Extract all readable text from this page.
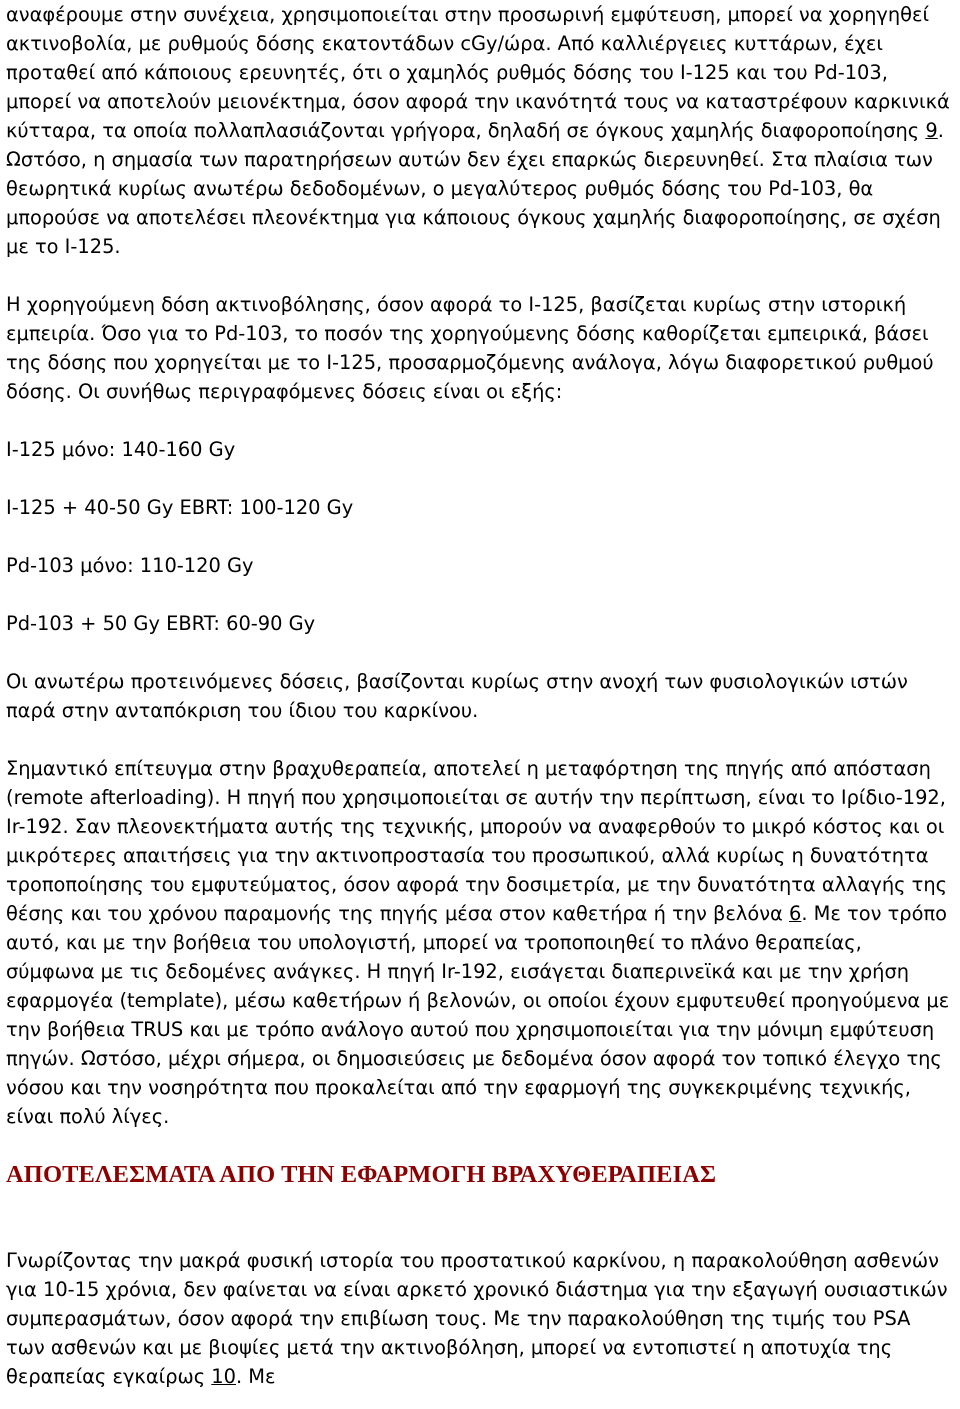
αναφέρουμε στην συνέχεια, χρησιμοποιείται στην προσωρινή εμφύτευση, μπορεί να χορηγηθεί ακτινοβολία, με ρυθμούς δόσης εκατοντάδων cGy/ώρα. Από καλλιέργειες κυττάρων, έχει προταθεί από κάποιους ερευνητές, ότι ο χαμηλός ρυθμός δόσης του I-125 και του Pd-103, μπορεί να αποτελούν μειονέκτημα, όσον αφορά την ικανότητά τους να καταστρέφουν καρκινικά κύτταρα, τα οποία πολλαπλασιάζονται γρήγορα, δηλαδή σε όγκους χαμηλής διαφοροποίησης 9. Ωστόσο, η σημασία των παρατηρήσεων αυτών δεν έχει επαρκώς διερευνηθεί. Στα πλαίσια των θεωρητικά κυρίως ανωτέρω δεδοδομένων, ο μεγαλύτερος ρυθμός δόσης του Pd-103, θα μπορούσε να αποτελέσει πλεονέκτημα για κάποιους όγκους χαμηλής διαφοροποίησης, σε σχέση με το I-125.

Η χορηγούμενη δόση ακτινοβόλησης, όσον αφορά το I-125, βασίζεται κυρίως στην ιστορική εμπειρία. Όσο για το Pd-103, το ποσόν της χορηγούμενης δόσης καθορίζεται εμπειρικά, βάσει της δόσης που χορηγείται με το I-125, προσαρμοζόμενης ανάλογα, λόγω διαφορετικού ρυθμού δόσης. Οι συνήθως περιγραφόμενες δόσεις είναι οι εξής:

I-125 μόνο: 140-160 Gy

I-125 + 40-50 Gy EBRT: 100-120 Gy

Pd-103 μόνο: 110-120 Gy

Pd-103 + 50 Gy EBRT: 60-90 Gy

Οι ανωτέρω προτεινόμενες δόσεις, βασίζονται κυρίως στην ανοχή των φυσιολογικών ιστών παρά στην ανταπόκριση του ίδιου του καρκίνου.

Σημαντικό επίτευγμα στην βραχυθεραπεία, αποτελεί η μεταφόρτηση της πηγής από απόσταση (remote afterloading). Η πηγή που χρησιμοποιείται σε αυτήν την περίπτωση, είναι το Ιρίδιο-192, Ir-192. Σαν πλεονεκτήματα αυτής της τεχνικής, μπορούν να αναφερθούν το μικρό κόστος και οι μικρότερες απαιτήσεις για την ακτινοπροστασία του προσωπικού, αλλά κυρίως η δυνατότητα τροποποίησης του εμφυτεύματος, όσον αφορά την δοσιμετρία, με την δυνατότητα αλλαγής της θέσης και του χρόνου παραμονής της πηγής μέσα στον καθετήρα ή την βελόνα 6. Με τον τρόπο αυτό, και με την βοήθεια του υπολογιστή, μπορεί να τροποποιηθεί το πλάνο θεραπείας, σύμφωνα με τις δεδομένες ανάγκες. Η πηγή Ir-192, εισάγεται διαπερινεϊκά και με την χρήση εφαρμογέα (template), μέσω καθετήρων ή βελονών, οι οποίοι έχουν εμφυτευθεί προηγούμενα με την βοήθεια TRUS και με τρόπο ανάλογο αυτού που χρησιμοποιείται για την μόνιμη εμφύτευση πηγών. Ωστόσο, μέχρι σήμερα, οι δημοσιεύσεις με δεδομένα όσον αφορά τον τοπικό έλεγχο της νόσου και την νοσηρότητα που προκαλείται από την εφαρμογή της συγκεκριμένης τεχνικής, είναι πολύ λίγες.

ΑΠΟΤΕΛΕΣΜΑΤΑ ΑΠΟ ΤΗΝ ΕΦΑΡΜΟΓΗ ΒΡΑΧΥΘΕΡΑΠΕΙΑΣ

Γνωρίζοντας την μακρά φυσική ιστορία του προστατικού καρκίνου, η παρακολούθηση ασθενών για 10-15 χρόνια, δεν φαίνεται να είναι αρκετό χρονικό διάστημα για την εξαγωγή ουσιαστικών συμπερασμάτων, όσον αφορά την επιβίωση τους. Με την παρακολούθηση της τιμής του PSA των ασθενών και με βιοψίες μετά την ακτινοβόληση, μπορεί να εντοπιστεί η αποτυχία της θεραπείας εγκαίρως 10. Με
